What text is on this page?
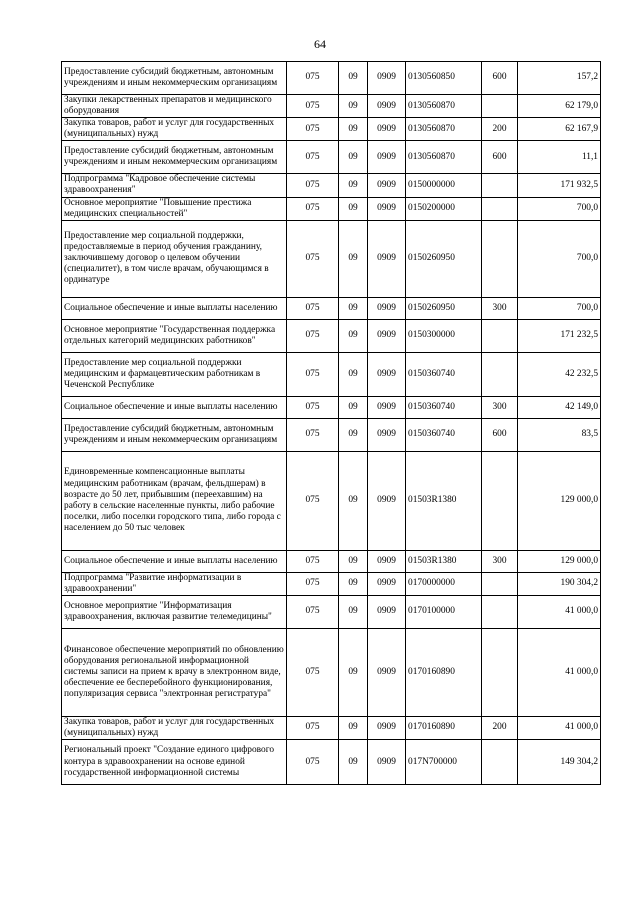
64
Предоставление субсидий бюджетным, автономным учреждениям и иным некоммерческим организациям	075	09	0909	0130560850	600	157,2
Закупки лекарственных препаратов и медицинского оборудования	075	09	0909	0130560870		62 179,0
Закупка товаров, работ и услуг для государственных (муниципальных) нужд	075	09	0909	0130560870	200	62 167,9
Предоставление субсидий бюджетным, автономным учреждениям и иным некоммерческим организациям	075	09	0909	0130560870	600	11,1
Подпрограмма "Кадровое обеспечение системы здравоохранения"	075	09	0909	0150000000		171 932,5
Основное мероприятие "Повышение престижа медицинских специальностей"	075	09	0909	0150200000		700,0
Предоставление мер социальной поддержки, предоставляемые в период обучения гражданину, заключившему договор о целевом обучении (специалитет), в том числе врачам, обучающимся в ординатуре	075	09	0909	0150260950		700,0
Социальное обеспечение и иные выплаты населению	075	09	0909	0150260950	300	700,0
Основное мероприятие "Государственная поддержка отдельных категорий медицинских работников"	075	09	0909	0150300000		171 232,5
Предоставление мер социальной поддержки медицинским и фармацевтическим работникам в Чеченской Республике	075	09	0909	0150360740		42 232,5
Социальное обеспечение и иные выплаты населению	075	09	0909	0150360740	300	42 149,0
Предоставление субсидий бюджетным, автономным учреждениям и иным некоммерческим организациям	075	09	0909	0150360740	600	83,5
Единовременные компенсационные выплаты медицинским работникам (врачам, фельдшерам) в возрасте до 50 лет, прибывшим (переехавшим) на работу в сельские населенные пункты, либо рабочие поселки, либо поселки городского типа, либо города с населением до 50 тыс человек	075	09	0909	01503R1380		129 000,0
Социальное обеспечение и иные выплаты населению	075	09	0909	01503R1380	300	129 000,0
Подпрограмма "Развитие информатизации в здравоохранении"	075	09	0909	0170000000		190 304,2
Основное мероприятие "Информатизация здравоохранения, включая развитие телемедицины"	075	09	0909	0170100000		41 000,0
Финансовое обеспечение мероприятий по обновлению оборудования региональной информационной системы записи на прием к врачу в электронном виде, обеспечение ее бесперебойного функционирования, популяризация сервиса "электронная регистратура"	075	09	0909	0170160890		41 000,0
Закупка товаров, работ и услуг для государственных (муниципальных) нужд	075	09	0909	0170160890	200	41 000,0
Региональный проект "Создание единого цифрового контура в здравоохранении на основе единой государственной информационной системы	075	09	0909	017N700000		149 304,2
